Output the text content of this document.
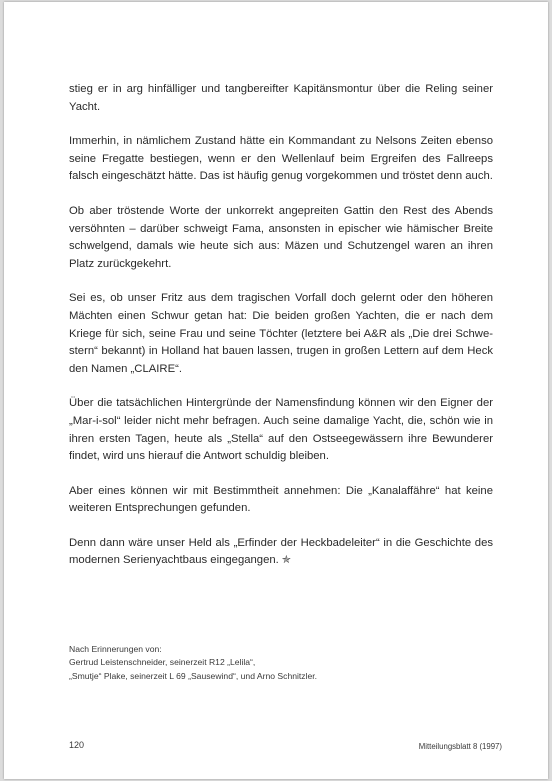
stieg er in arg hinfälliger und tangbereifter Kapitänsmontur über die Reling seiner Yacht.

Immerhin, in nämlichem Zustand hätte ein Kommandant zu Nelsons Zeiten ebenso seine Fregatte bestiegen, wenn er den Wellenlauf beim Ergreifen des Fallreeps falsch eingeschätzt hätte. Das ist häufig genug vorgekommen und tröstet denn auch.

Ob aber tröstende Worte der unkorrekt angepreiten Gattin den Rest des Abends versöhnten – darüber schweigt Fama, ansonsten in epischer wie hämischer Breite schwelgend, damals wie heute sich aus: Mäzen und Schutzengel waren an ihren Platz zurückgekehrt.

Sei es, ob unser Fritz aus dem tragischen Vorfall doch gelernt oder den höheren Mächten einen Schwur getan hat: Die beiden großen Yachten, die er nach dem Kriege für sich, seine Frau und seine Töchter (letztere bei A&R als „Die drei Schwestern“ bekannt) in Holland hat bauen lassen, trugen in großen Lettern auf dem Heck den Namen „CLAIRE“.

Über die tatsächlichen Hintergründe der Namensfindung können wir den Eigner der „Mar-i-sol“ leider nicht mehr befragen. Auch seine damalige Yacht, die, schön wie in ihren ersten Tagen, heute als „Stella“ auf den Ostseegewässern ihre Bewunderer findet, wird uns hierauf die Antwort schuldig bleiben.

Aber eines können wir mit Bestimmtheit annehmen: Die „Kanalaffähre“ hat keine weiteren Entsprechungen gefunden.

Denn dann wäre unser Held als „Erfinder der Heckbadeleiter“ in die Geschichte des modernen Serienyachtbaus eingegangen. ✯

Nach Erinnerungen von:
Gertrud Leistenschneider, seinerzeit R12 „Lelila“,
„Smutje“ Plake, seinerzeit L 69 „Sausewind“, und Arno Schnitzler.
120	Mitteilungsblatt 8 (1997)
